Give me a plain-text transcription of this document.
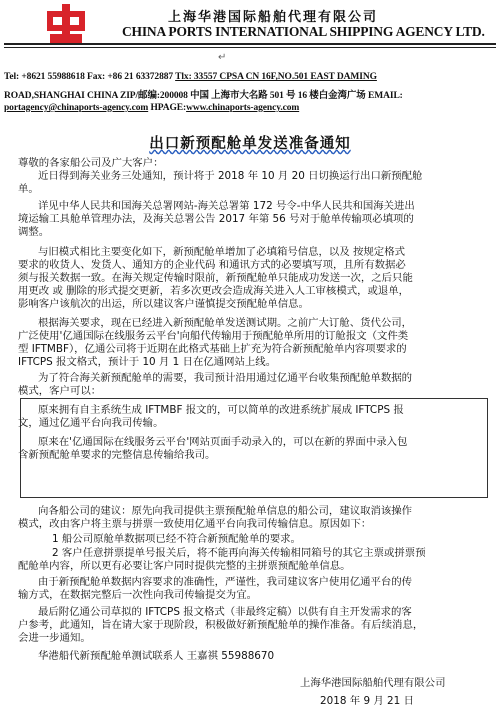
上海华港国际船舶代理有限公司
CHINA PORTS INTERNATIONAL SHIPPING AGENCY LTD.
↵
Tel: +8621 55988618 Fax: +86 21 63372887 Tlx: 33557 CPSA CN 16F,NO.501 EAST DAMING
ROAD,SHANGHAI CHINA ZIP/邮编:200008 中国 上海市大名路 501 号 16 楼白金湾广场 EMAIL:
portagency@chinaports-agency.com HPAGE:www.chinaports-agency.com
出口新预配舱单发送准备通知
尊敬的各家船公司及广大客户：
近日得到海关业务三处通知，预计将于 2018 年 10 月 20 日切换运行出口新预配舱
单。
详见中华人民共和国海关总署网站-海关总署第 172 号令-中华人民共和国海关进出
境运输工具舱单管理办法，及海关总署公告 2017 年第 56 号对于舱单传输项必填项的
调整。
与旧模式相比主要变化如下，新预配舱单增加了必填箱号信息，以及 按规定格式
要求的收货人、发货人、通知方的企业代码 和通讯方式的必要填写项，且所有数据必
须与报关数据一致。在海关规定传输时限前，新预配舱单只能成功发送一次，之后只能
用更改 或 删除的形式提交更新，若多次更改会造成海关进入人工审核模式，或退单，
影响客户该航次的出运，所以建议客户谨慎提交预配舱单信息。
根据海关要求，现在已经进入新预配舱单发送测试期。之前广大订舱、货代公司，
广泛使用'亿通国际在线服务云平台'向船代传输用于预配舱单所用的订舱报文（文件类
型 IFTMBF），亿通公司将于近期在此格式基础上扩充为符合新预配舱单内容项要求的
IFTCPS 报文格式，预计于 10 月 1 日在亿通网站上线。
为了符合海关新预配舱单的需要，我司预计沿用通过亿通平台收集预配舱单数据的
模式，客户可以：
原来拥有自主系统生成 IFTMBF 报文的，可以简单的改进系统扩展成 IFTCPS 报
文，通过亿通平台向我司传输。
原来在'亿通国际在线服务云平台'网站页面手动录入的，可以在新的界面中录入包
含新预配舱单要求的完整信息传输给我司。
向各船公司的建议：原先向我司提供主票预配舱单信息的船公司，建议取消该操作
模式，改由客户将主票与拼票一致使用亿通平台向我司传输信息。原因如下：
1 船公司原舱单数据项已经不符合新预配舱单的要求。
2 客户任意拼票提单号报关后，将不能再向海关传输相同箱号的其它主票或拼票预
配舱单内容，所以更有必要让客户同时提供完整的主拼票预配舱单信息。
由于新预配舱单数据内容要求的准确性，严谨性，我司建议客户使用亿通平台的传
输方式，在数据完整后一次性向我司传输提交为宜。
最后附亿通公司草拟的 IFTCPS 报文格式（非最终定稿）以供有自主开发需求的客
户参考，此通知，旨在请大家于现阶段，积极做好新预配舱单的操作准备。有后续消息，
会进一步通知。
华港船代新预配舱单测试联系人 王嘉祺 55988670
上海华港国际船舶代理有限公司
2018 年 9 月 21 日
